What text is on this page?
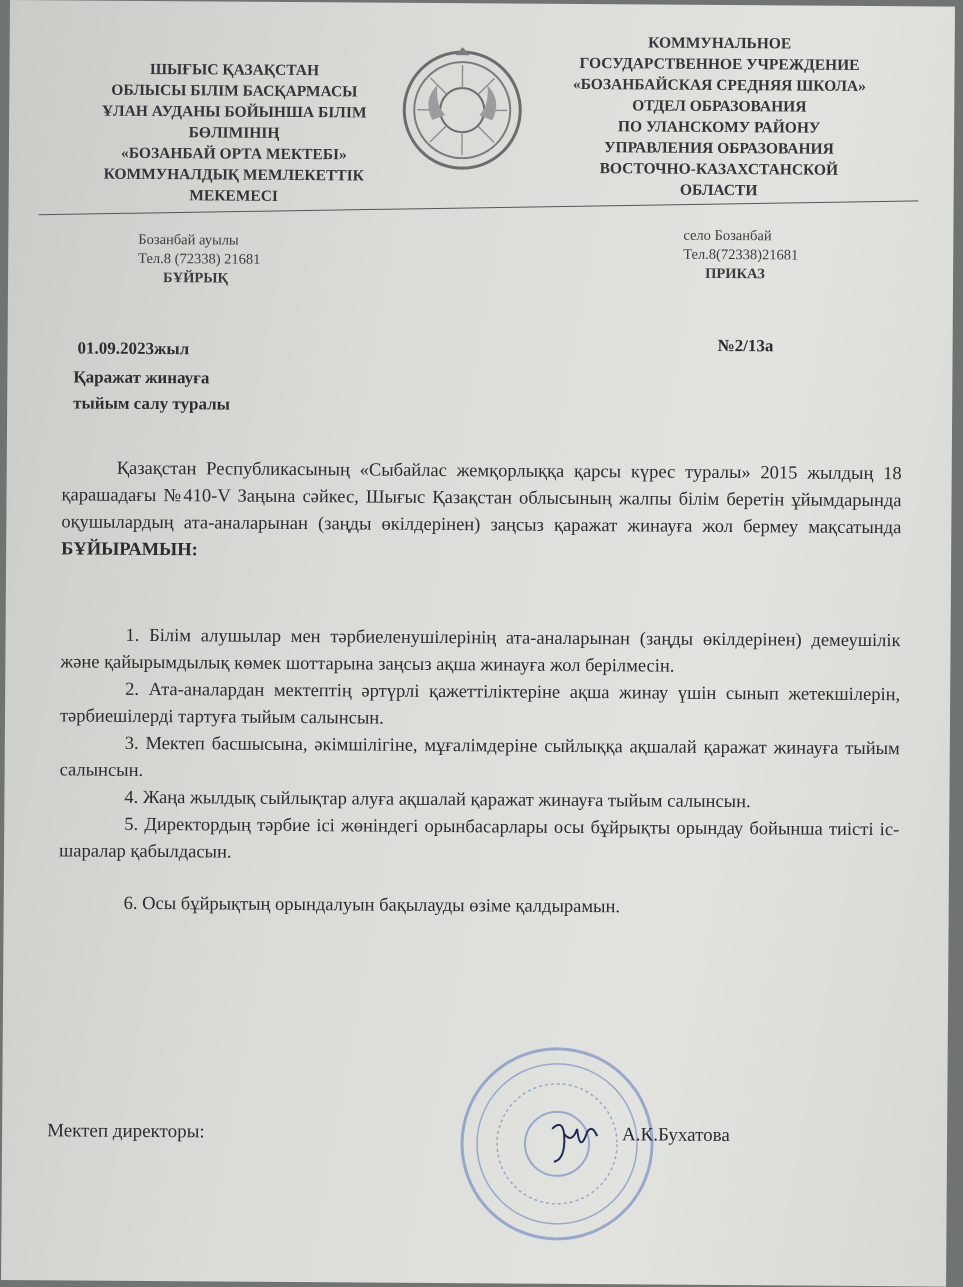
ШЫҒЫС ҚАЗАҚСТАН
ОБЛЫСЫ БІЛІМ БАСҚАРМАСЫ
ҰЛАН АУДАНЫ БОЙЫНША БІЛІМ
БӨЛІМІНІҢ
«БОЗАНБАЙ ОРТА МЕКТЕБІ»
КОММУНАЛДЫҚ МЕМЛЕКЕТТІК
МЕКЕМЕСІ
КОММУНАЛЬНОЕ
ГОСУДАРСТВЕННОЕ УЧРЕЖДЕНИЕ
«БОЗАНБАЙСКАЯ СРЕДНЯЯ ШКОЛА»
ОТДЕЛ ОБРАЗОВАНИЯ
ПО УЛАНСКОМУ РАЙОНУ
УПРАВЛЕНИЯ ОБРАЗОВАНИЯ
ВОСТОЧНО-КАЗАХСТАНСКОЙ
ОБЛАСТИ
Бозанбай ауылы
Тел.8 (72338) 21681
БҰЙРЫҚ
село Бозанбай
Тел.8(72338)21681
ПРИКАЗ
01.09.2023жыл	№2/13а
Қаражат жинауға
тыйым салу туралы

Қазақстан Республикасының «Сыбайлас жемқорлыққа қарсы күрес туралы» 2015 жылдың 18 қарашадағы №410-V Заңына сәйкес, Шығыс Қазақстан облысының жалпы білім беретін ұйымдарында оқушылардың ата-аналарынан (заңды өкілдерінен) заңсыз қаражат жинауға жол бермеу мақсатында БҰЙЫРАМЫН:

1. Білім алушылар мен тәрбиеленушілерінің ата-аналарынан (заңды өкілдерінен) демеушілік және қайырымдылық көмек шоттарына заңсыз ақша жинауға жол берілмесін.

2. Ата-аналардан мектептің әртүрлі қажеттіліктеріне ақша жинау үшін сынып жетекшілерін, тәрбиешілерді тартуға тыйым салынсын.

3. Мектеп басшысына, әкімшілігіне, мұғалімдеріне сыйлыққа ақшалай қаражат жинауға тыйым салынсын.

4. Жаңа жылдық сыйлықтар алуға ақшалай қаражат жинауға тыйым салынсын.

5. Директордың тәрбие ісі жөніндегі орынбасарлары осы бұйрықты орындау бойынша тиісті іс-шаралар қабылдасын.

6. Осы бұйрықтың орындалуын бақылауды өзіме қалдырамын.

Мектеп директоры:	А.К.Бухатова
